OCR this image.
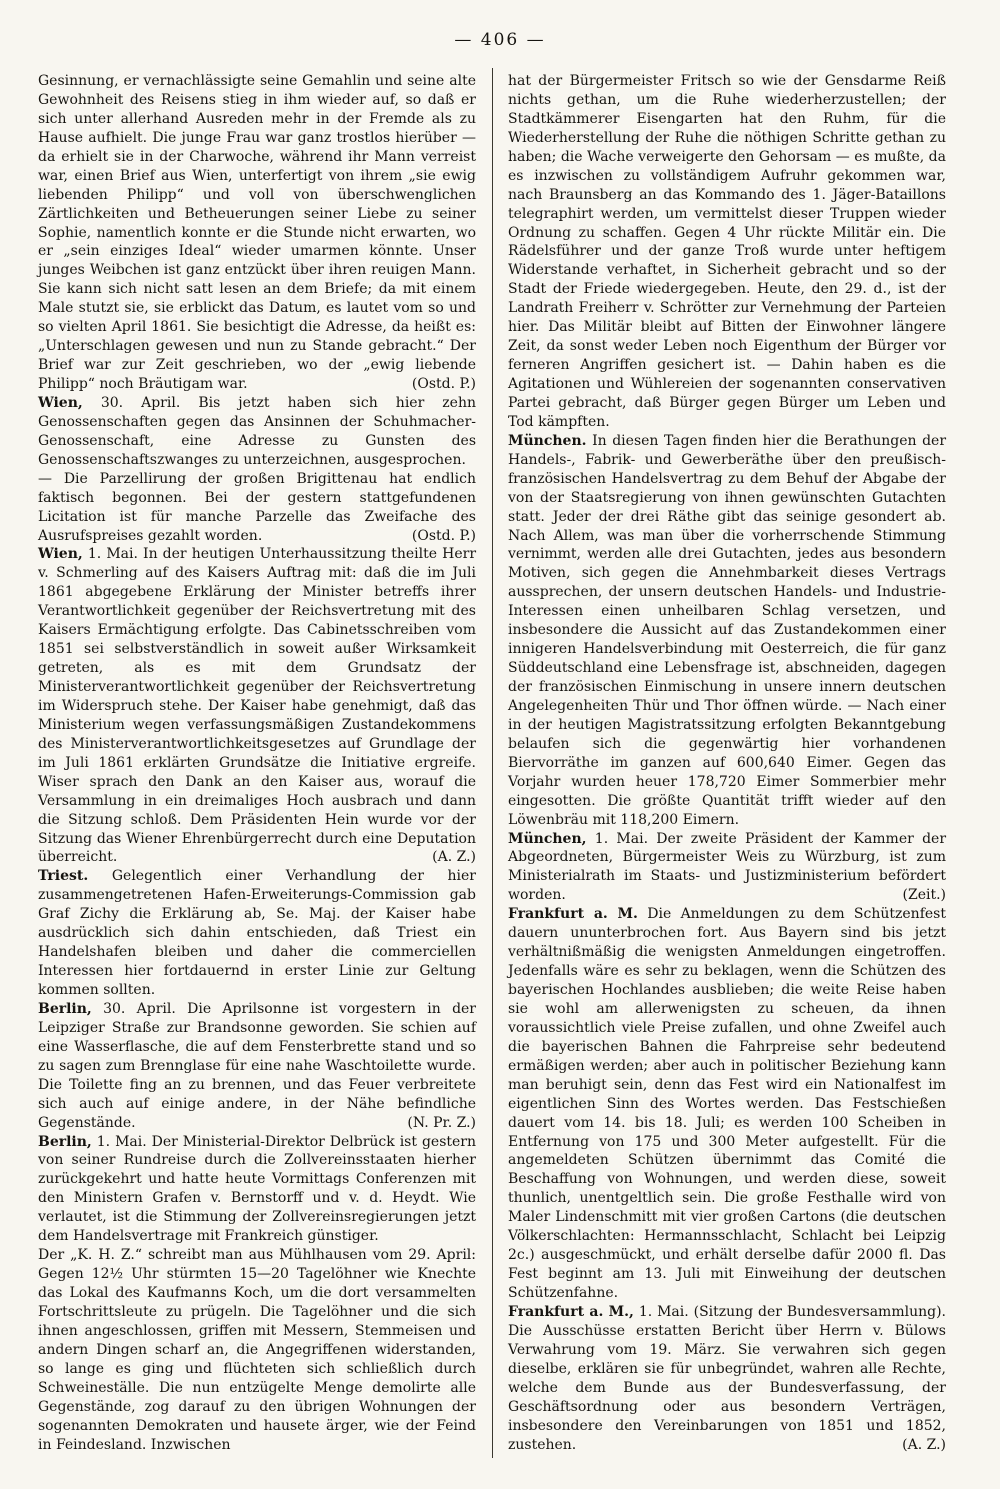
— 406 —

Gesinnung, er vernachlässigte seine Gemahlin und seine alte Gewohnheit des Reisens stieg in ihm wieder auf, so daß er sich unter allerhand Ausreden mehr in der Fremde als zu Hause aufhielt. Die junge Frau war ganz trostlos hierüber — da erhielt sie in der Charwoche, während ihr Mann verreist war, einen Brief aus Wien, unterfertigt von ihrem „sie ewig liebenden Philipp“ und voll von überschwenglichen Zärtlichkeiten und Betheuerungen seiner Liebe zu seiner Sophie, namentlich konnte er die Stunde nicht erwarten, wo er „sein einziges Ideal“ wieder umarmen könnte. Unser junges Weibchen ist ganz entzückt über ihren reuigen Mann. Sie kann sich nicht satt lesen an dem Briefe; da mit einem Male stutzt sie, sie erblickt das Datum, es lautet vom so und so vielten April 1861. Sie besichtigt die Adresse, da heißt es: „Unterschlagen gewesen und nun zu Stande gebracht.“ Der Brief war zur Zeit geschrieben, wo der „ewig liebende Philipp“ noch Bräutigam war.	(Ostd. P.)

Wien, 30. April. Bis jetzt haben sich hier zehn Genossenschaften gegen das Ansinnen der Schuhmacher-Genossenschaft, eine Adresse zu Gunsten des Genossenschaftszwanges zu unterzeichnen, ausgesprochen.

— Die Parzellirung der großen Brigittenau hat endlich faktisch begonnen. Bei der gestern stattgefundenen Licitation ist für manche Parzelle das Zweifache des Ausrufspreises gezahlt worden.	(Ostd. P.)

Wien, 1. Mai. In der heutigen Unterhaussitzung theilte Herr v. Schmerling auf des Kaisers Auftrag mit: daß die im Juli 1861 abgegebene Erklärung der Minister betreffs ihrer Verantwortlichkeit gegenüber der Reichsvertretung mit des Kaisers Ermächtigung erfolgte. Das Cabinetsschreiben vom 1851 sei selbstverständlich in soweit außer Wirksamkeit getreten, als es mit dem Grundsatz der Ministerverantwortlichkeit gegenüber der Reichsvertretung im Widerspruch stehe. Der Kaiser habe genehmigt, daß das Ministerium wegen verfassungsmäßigen Zustandekommens des Ministerverantwortlichkeitsgesetzes auf Grundlage der im Juli 1861 erklärten Grundsätze die Initiative ergreife. Wiser sprach den Dank an den Kaiser aus, worauf die Versammlung in ein dreimaliges Hoch ausbrach und dann die Sitzung schloß. Dem Präsidenten Hein wurde vor der Sitzung das Wiener Ehrenbürgerrecht durch eine Deputation überreicht.	(A. Z.)

Triest. Gelegentlich einer Verhandlung der hier zusammengetretenen Hafen-Erweiterungs-Commission gab Graf Zichy die Erklärung ab, Se. Maj. der Kaiser habe ausdrücklich sich dahin entschieden, daß Triest ein Handelshafen bleiben und daher die commerciellen Interessen hier fortdauernd in erster Linie zur Geltung kommen sollten.

Berlin, 30. April. Die Aprilsonne ist vorgestern in der Leipziger Straße zur Brandsonne geworden. Sie schien auf eine Wasserflasche, die auf dem Fensterbrette stand und so zu sagen zum Brennglase für eine nahe Waschtoilette wurde. Die Toilette fing an zu brennen, und das Feuer verbreitete sich auch auf einige andere, in der Nähe befindliche Gegenstände.	(N. Pr. Z.)

Berlin, 1. Mai. Der Ministerial-Direktor Delbrück ist gestern von seiner Rundreise durch die Zollvereinsstaaten hierher zurückgekehrt und hatte heute Vormittags Conferenzen mit den Ministern Grafen v. Bernstorff und v. d. Heydt. Wie verlautet, ist die Stimmung der Zollvereinsregierungen jetzt dem Handelsvertrage mit Frankreich günstiger.

Der „K. H. Z.“ schreibt man aus Mühlhausen vom 29. April: Gegen 12½ Uhr stürmten 15—20 Tagelöhner wie Knechte das Lokal des Kaufmanns Koch, um die dort versammelten Fortschrittsleute zu prügeln. Die Tagelöhner und die sich ihnen angeschlossen, griffen mit Messern, Stemmeisen und andern Dingen scharf an, die Angegriffenen widerstanden, so lange es ging und flüchteten sich schließlich durch Schweineställe. Die nun entzügelte Menge demolirte alle Gegenstände, zog darauf zu den übrigen Wohnungen der sogenannten Demokraten und hausete ärger, wie der Feind in Feindesland. Inzwischen

hat der Bürgermeister Fritsch so wie der Gensdarme Reiß nichts gethan, um die Ruhe wiederherzustellen; der Stadtkämmerer Eisengarten hat den Ruhm, für die Wiederherstellung der Ruhe die nöthigen Schritte gethan zu haben; die Wache verweigerte den Gehorsam — es mußte, da es inzwischen zu vollständigem Aufruhr gekommen war, nach Braunsberg an das Kommando des 1. Jäger-Bataillons telegraphirt werden, um vermittelst dieser Truppen wieder Ordnung zu schaffen. Gegen 4 Uhr rückte Militär ein. Die Rädelsführer und der ganze Troß wurde unter heftigem Widerstande verhaftet, in Sicherheit gebracht und so der Stadt der Friede wiedergegeben. Heute, den 29. d., ist der Landrath Freiherr v. Schrötter zur Vernehmung der Parteien hier. Das Militär bleibt auf Bitten der Einwohner längere Zeit, da sonst weder Leben noch Eigenthum der Bürger vor ferneren Angriffen gesichert ist. — Dahin haben es die Agitationen und Wühlereien der sogenannten conservativen Partei gebracht, daß Bürger gegen Bürger um Leben und Tod kämpften.

München. In diesen Tagen finden hier die Berathungen der Handels-, Fabrik- und Gewerberäthe über den preußisch-französischen Handelsvertrag zu dem Behuf der Abgabe der von der Staatsregierung von ihnen gewünschten Gutachten statt. Jeder der drei Räthe gibt das seinige gesondert ab. Nach Allem, was man über die vorherrschende Stimmung vernimmt, werden alle drei Gutachten, jedes aus besondern Motiven, sich gegen die Annehmbarkeit dieses Vertrags aussprechen, der unsern deutschen Handels- und Industrie-Interessen einen unheilbaren Schlag versetzen, und insbesondere die Aussicht auf das Zustandekommen einer innigeren Handelsverbindung mit Oesterreich, die für ganz Süddeutschland eine Lebensfrage ist, abschneiden, dagegen der französischen Einmischung in unsere innern deutschen Angelegenheiten Thür und Thor öffnen würde. — Nach einer in der heutigen Magistratssitzung erfolgten Bekanntgebung belaufen sich die gegenwärtig hier vorhandenen Biervorräthe im ganzen auf 600,640 Eimer. Gegen das Vorjahr wurden heuer 178,720 Eimer Sommerbier mehr eingesotten. Die größte Quantität trifft wieder auf den Löwenbräu mit 118,200 Eimern.

München, 1. Mai. Der zweite Präsident der Kammer der Abgeordneten, Bürgermeister Weis zu Würzburg, ist zum Ministerialrath im Staats- und Justizministerium befördert worden.	(Zeit.)

Frankfurt a. M. Die Anmeldungen zu dem Schützenfest dauern ununterbrochen fort. Aus Bayern sind bis jetzt verhältnißmäßig die wenigsten Anmeldungen eingetroffen. Jedenfalls wäre es sehr zu beklagen, wenn die Schützen des bayerischen Hochlandes ausblieben; die weite Reise haben sie wohl am allerwenigsten zu scheuen, da ihnen voraussichtlich viele Preise zufallen, und ohne Zweifel auch die bayerischen Bahnen die Fahrpreise sehr bedeutend ermäßigen werden; aber auch in politischer Beziehung kann man beruhigt sein, denn das Fest wird ein Nationalfest im eigentlichen Sinn des Wortes werden. Das Festschießen dauert vom 14. bis 18. Juli; es werden 100 Scheiben in Entfernung von 175 und 300 Meter aufgestellt. Für die angemeldeten Schützen übernimmt das Comité die Beschaffung von Wohnungen, und werden diese, soweit thunlich, unentgeltlich sein. Die große Festhalle wird von Maler Lindenschmitt mit vier großen Cartons (die deutschen Völkerschlachten: Hermannsschlacht, Schlacht bei Leipzig 2c.) ausgeschmückt, und erhält derselbe dafür 2000 fl. Das Fest beginnt am 13. Juli mit Einweihung der deutschen Schützenfahne.

Frankfurt a. M., 1. Mai. (Sitzung der Bundesversammlung). Die Ausschüsse erstatten Bericht über Herrn v. Bülows Verwahrung vom 19. März. Sie verwahren sich gegen dieselbe, erklären sie für unbegründet, wahren alle Rechte, welche dem Bunde aus der Bundesverfassung, der Geschäftsordnung oder aus besondern Verträgen, insbesondere den Vereinbarungen von 1851 und 1852, zustehen.	(A. Z.)
